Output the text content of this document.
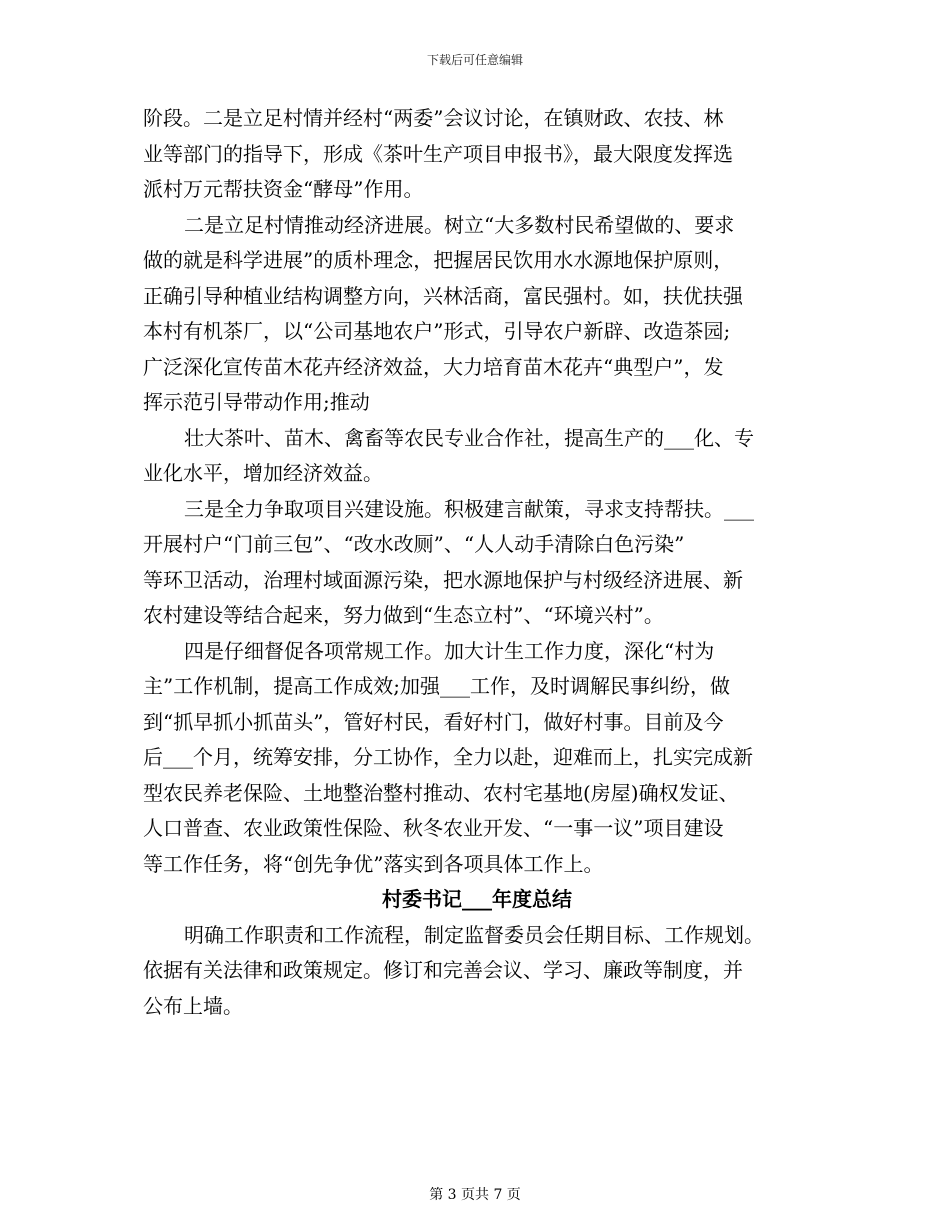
下载后可任意编辑
阶段。二是立足村情并经村“两委”会议讨论，在镇财政、农技、林
业等部门的指导下，形成《茶叶生产项目申报书》，最大限度发挥选
派村万元帮扶资金“酵母”作用。
二是立足村情推动经济进展。树立“大多数村民希望做的、要求
做的就是科学进展”的质朴理念，把握居民饮用水水源地保护原则，
正确引导种植业结构调整方向，兴林活商，富民强村。如，扶优扶强
本村有机茶厂，以“公司基地农户”形式，引导农户新辟、改造茶园;
广泛深化宣传苗木花卉经济效益，大力培育苗木花卉“典型户”，发
挥示范引导带动作用;推动
壮大茶叶、苗木、禽畜等农民专业合作社，提高生产的___化、专
业化水平，增加经济效益。
三是全力争取项目兴建设施。积极建言献策，寻求支持帮扶。___
开展村户“门前三包”、“改水改厕”、“人人动手清除白色污染”
等环卫活动，治理村域面源污染，把水源地保护与村级经济进展、新
农村建设等结合起来，努力做到“生态立村”、“环境兴村”。
四是仔细督促各项常规工作。加大计生工作力度，深化“村为
主”工作机制，提高工作成效;加强___工作，及时调解民事纠纷，做
到“抓早抓小抓苗头”，管好村民，看好村门，做好村事。目前及今
后___个月，统筹安排，分工协作，全力以赴，迎难而上，扎实完成新
型农民养老保险、土地整治整村推动、农村宅基地(房屋)确权发证、
人口普查、农业政策性保险、秋冬农业开发、“一事一议”项目建设
等工作任务，将“创先争优”落实到各项具体工作上。
村委书记___年度总结
明确工作职责和工作流程，制定监督委员会任期目标、工作规划。
依据有关法律和政策规定。修订和完善会议、学习、廉政等制度，并
公布上墙。
第 3 页共 7 页
